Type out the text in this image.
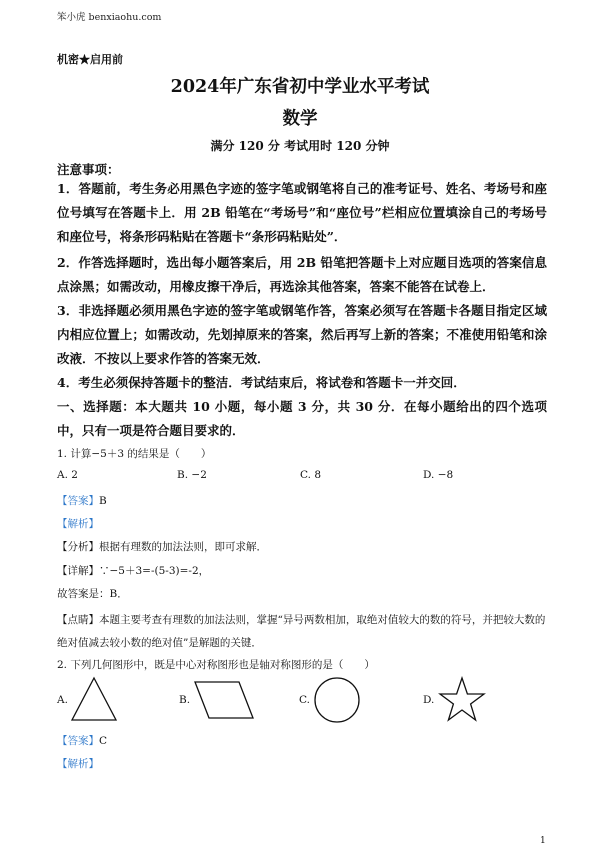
笨小虎 benxiaohu.com
机密★启用前
2024年广东省初中学业水平考试
数学
满分 120 分 考试用时 120 分钟
注意事项：
1．答题前，考生务必用黑色字迹的签字笔或钢笔将自己的准考证号、姓名、考场号和座位号填写在答题卡上．用 2B 铅笔在“考场号”和“座位号”栏相应位置填涂自己的考场号和座位号，将条形码粘贴在答题卡“条形码粘贴处”．
2．作答选择题时，选出每小题答案后，用 2B 铅笔把答题卡上对应题目选项的答案信息点涂黑；如需改动，用橡皮擦干净后，再选涂其他答案，答案不能答在试卷上．
3．非选择题必须用黑色字迹的签字笔或钢笔作答，答案必须写在答题卡各题目指定区域内相应位置上；如需改动，先划掉原来的答案，然后再写上新的答案；不准使用铅笔和涂改液．不按以上要求作答的答案无效．
4．考生必须保持答题卡的整洁．考试结束后，将试卷和答题卡一并交回．
一、选择题：本大题共 10 小题，每小题 3 分，共 30 分．在每小题给出的四个选项中，只有一项是符合题目要求的．
1. 计算−5＋3 的结果是（　　）
A. 2	B. −2	C. 8	D. −8
【答案】B
【解析】
【分析】根据有理数的加法法则，即可求解．
【详解】∵−5＋3=-(5-3)=-2，
故答案是：B．
【点睛】本题主要考查有理数的加法法则，掌握“异号两数相加，取绝对值较大的数的符号，并把较大数的绝对值减去较小数的绝对值”是解题的关键．
2. 下列几何图形中，既是中心对称图形也是轴对称图形的是（　　）
A.	B.	C.	D.
【答案】C
【解析】
1
